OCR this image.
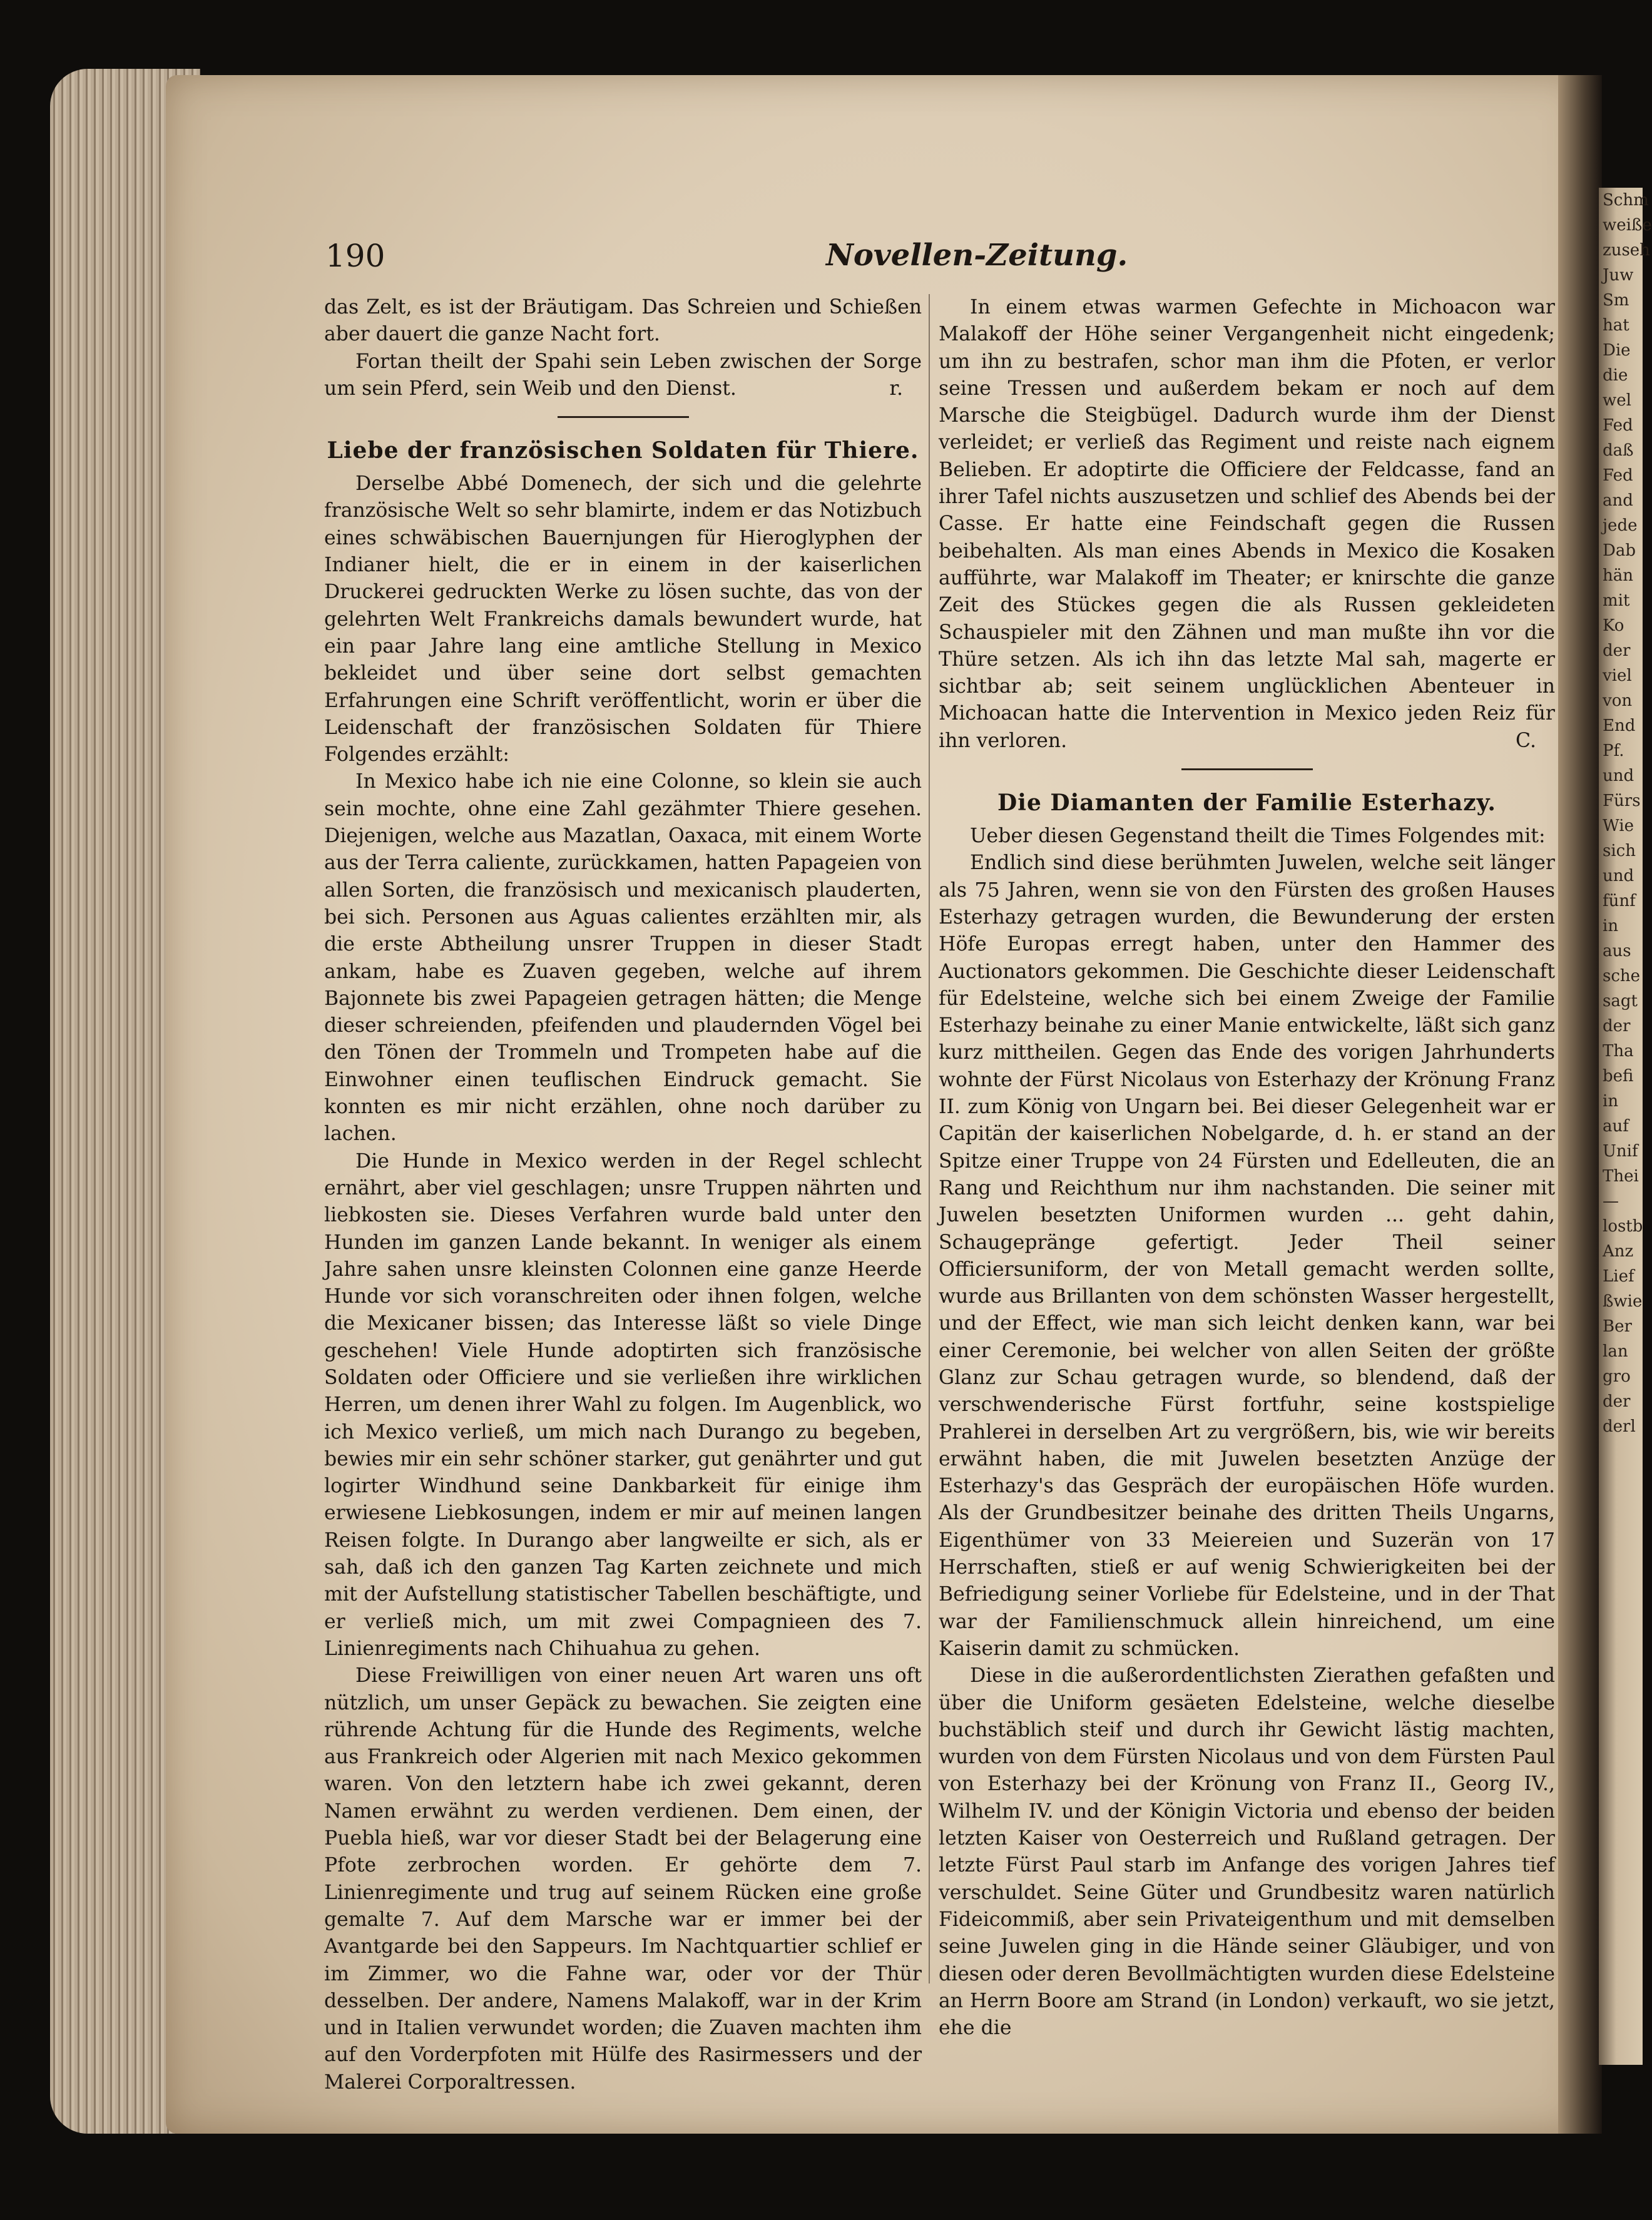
Schm
weiße
zuseh
Juw
Sm
hat
Die
die
wel
Fed
daß
Fed
and
jede
Dab
hän
mit
Ko
der
viel
von
End
Pf.
und
Fürs
Wie
sich
und
fünf
in
aus
sche
sagt
der
Tha
befi
in
auf
Unif
Thei
—
lostb
Anz
Lief
ßwie
Ber
lan
gro
der
derl
190	Novellen-Zeitung.

das Zelt, es ist der Bräutigam. Das Schreien und Schießen aber dauert die ganze Nacht fort.

Fortan theilt der Spahi sein Leben zwischen der Sorge um sein Pferd, sein Weib und den Dienst.	r.

Liebe der französischen Soldaten für Thiere.

Derselbe Abbé Domenech, der sich und die gelehrte französische Welt so sehr blamirte, indem er das Notizbuch eines schwäbischen Bauernjungen für Hieroglyphen der Indianer hielt, die er in einem in der kaiserlichen Druckerei gedruckten Werke zu lösen suchte, das von der gelehrten Welt Frankreichs damals bewundert wurde, hat ein paar Jahre lang eine amtliche Stellung in Mexico bekleidet und über seine dort selbst gemachten Erfahrungen eine Schrift veröffentlicht, worin er über die Leidenschaft der französischen Soldaten für Thiere Folgendes erzählt:

In Mexico habe ich nie eine Colonne, so klein sie auch sein mochte, ohne eine Zahl gezähmter Thiere gesehen. Diejenigen, welche aus Mazatlan, Oaxaca, mit einem Worte aus der Terra caliente, zurückkamen, hatten Papageien von allen Sorten, die französisch und mexicanisch plauderten, bei sich. Personen aus Aguas calientes erzählten mir, als die erste Abtheilung unsrer Truppen in dieser Stadt ankam, habe es Zuaven gegeben, welche auf ihrem Bajonnete bis zwei Papageien getragen hätten; die Menge dieser schreienden, pfeifenden und plaudernden Vögel bei den Tönen der Trommeln und Trompeten habe auf die Einwohner einen teuflischen Eindruck gemacht. Sie konnten es mir nicht erzählen, ohne noch darüber zu lachen.

Die Hunde in Mexico werden in der Regel schlecht ernährt, aber viel geschlagen; unsre Truppen nährten und liebkosten sie. Dieses Verfahren wurde bald unter den Hunden im ganzen Lande bekannt. In weniger als einem Jahre sahen unsre kleinsten Colonnen eine ganze Heerde Hunde vor sich voranschreiten oder ihnen folgen, welche die Mexicaner bissen; das Interesse läßt so viele Dinge geschehen! Viele Hunde adoptirten sich französische Soldaten oder Officiere und sie verließen ihre wirklichen Herren, um denen ihrer Wahl zu folgen. Im Augenblick, wo ich Mexico verließ, um mich nach Durango zu begeben, bewies mir ein sehr schöner starker, gut genährter und gut logirter Windhund seine Dankbarkeit für einige ihm erwiesene Liebkosungen, indem er mir auf meinen langen Reisen folgte. In Durango aber langweilte er sich, als er sah, daß ich den ganzen Tag Karten zeichnete und mich mit der Aufstellung statistischer Tabellen beschäftigte, und er verließ mich, um mit zwei Compagnieen des 7. Linienregiments nach Chihuahua zu gehen.

Diese Freiwilligen von einer neuen Art waren uns oft nützlich, um unser Gepäck zu bewachen. Sie zeigten eine rührende Achtung für die Hunde des Regiments, welche aus Frankreich oder Algerien mit nach Mexico gekommen waren. Von den letztern habe ich zwei gekannt, deren Namen erwähnt zu werden verdienen. Dem einen, der Puebla hieß, war vor dieser Stadt bei der Belagerung eine Pfote zerbrochen worden. Er gehörte dem 7. Linienregimente und trug auf seinem Rücken eine große gemalte 7. Auf dem Marsche war er immer bei der Avantgarde bei den Sappeurs. Im Nachtquartier schlief er im Zimmer, wo die Fahne war, oder vor der Thür desselben. Der andere, Namens Malakoff, war in der Krim und in Italien verwundet worden; die Zuaven machten ihm auf den Vorderpfoten mit Hülfe des Rasirmessers und der Malerei Corporaltressen.

In einem etwas warmen Gefechte in Michoacon war Malakoff der Höhe seiner Vergangenheit nicht eingedenk; um ihn zu bestrafen, schor man ihm die Pfoten, er verlor seine Tressen und außerdem bekam er noch auf dem Marsche die Steigbügel. Dadurch wurde ihm der Dienst verleidet; er verließ das Regiment und reiste nach eignem Belieben. Er adoptirte die Officiere der Feldcasse, fand an ihrer Tafel nichts auszusetzen und schlief des Abends bei der Casse. Er hatte eine Feindschaft gegen die Russen beibehalten. Als man eines Abends in Mexico die Kosaken aufführte, war Malakoff im Theater; er knirschte die ganze Zeit des Stückes gegen die als Russen gekleideten Schauspieler mit den Zähnen und man mußte ihn vor die Thüre setzen. Als ich ihn das letzte Mal sah, magerte er sichtbar ab; seit seinem unglücklichen Abenteuer in Michoacan hatte die Intervention in Mexico jeden Reiz für ihn verloren.	C.

Die Diamanten der Familie Esterhazy.

Ueber diesen Gegenstand theilt die Times Folgendes mit:

Endlich sind diese berühmten Juwelen, welche seit länger als 75 Jahren, wenn sie von den Fürsten des großen Hauses Esterhazy getragen wurden, die Bewunderung der ersten Höfe Europas erregt haben, unter den Hammer des Auctionators gekommen. Die Geschichte dieser Leidenschaft für Edelsteine, welche sich bei einem Zweige der Familie Esterhazy beinahe zu einer Manie entwickelte, läßt sich ganz kurz mittheilen. Gegen das Ende des vorigen Jahrhunderts wohnte der Fürst Nicolaus von Esterhazy der Krönung Franz II. zum König von Ungarn bei. Bei dieser Gelegenheit war er Capitän der kaiserlichen Nobelgarde, d. h. er stand an der Spitze einer Truppe von 24 Fürsten und Edelleuten, die an Rang und Reichthum nur ihm nachstanden. Die seiner mit Juwelen besetzten Uniformen wurden ... geht dahin, Schaugepränge gefertigt. Jeder Theil seiner Officiersuniform, der von Metall gemacht werden sollte, wurde aus Brillanten von dem schönsten Wasser hergestellt, und der Effect, wie man sich leicht denken kann, war bei einer Ceremonie, bei welcher von allen Seiten der größte Glanz zur Schau getragen wurde, so blendend, daß der verschwenderische Fürst fortfuhr, seine kostspielige Prahlerei in derselben Art zu vergrößern, bis, wie wir bereits erwähnt haben, die mit Juwelen besetzten Anzüge der Esterhazy's das Gespräch der europäischen Höfe wurden. Als der Grundbesitzer beinahe des dritten Theils Ungarns, Eigenthümer von 33 Meiereien und Suzerän von 17 Herrschaften, stieß er auf wenig Schwierigkeiten bei der Befriedigung seiner Vorliebe für Edelsteine, und in der That war der Familienschmuck allein hinreichend, um eine Kaiserin damit zu schmücken.

Diese in die außerordentlichsten Zierathen gefaßten und über die Uniform gesäeten Edelsteine, welche dieselbe buchstäblich steif und durch ihr Gewicht lästig machten, wurden von dem Fürsten Nicolaus und von dem Fürsten Paul von Esterhazy bei der Krönung von Franz II., Georg IV., Wilhelm IV. und der Königin Victoria und ebenso der beiden letzten Kaiser von Oesterreich und Rußland getragen. Der letzte Fürst Paul starb im Anfange des vorigen Jahres tief verschuldet. Seine Güter und Grundbesitz waren natürlich Fideicommiß, aber sein Privateigenthum und mit demselben seine Juwelen ging in die Hände seiner Gläubiger, und von diesen oder deren Bevollmächtigten wurden diese Edelsteine an Herrn Boore am Strand (in London) verkauft, wo sie jetzt, ehe die
